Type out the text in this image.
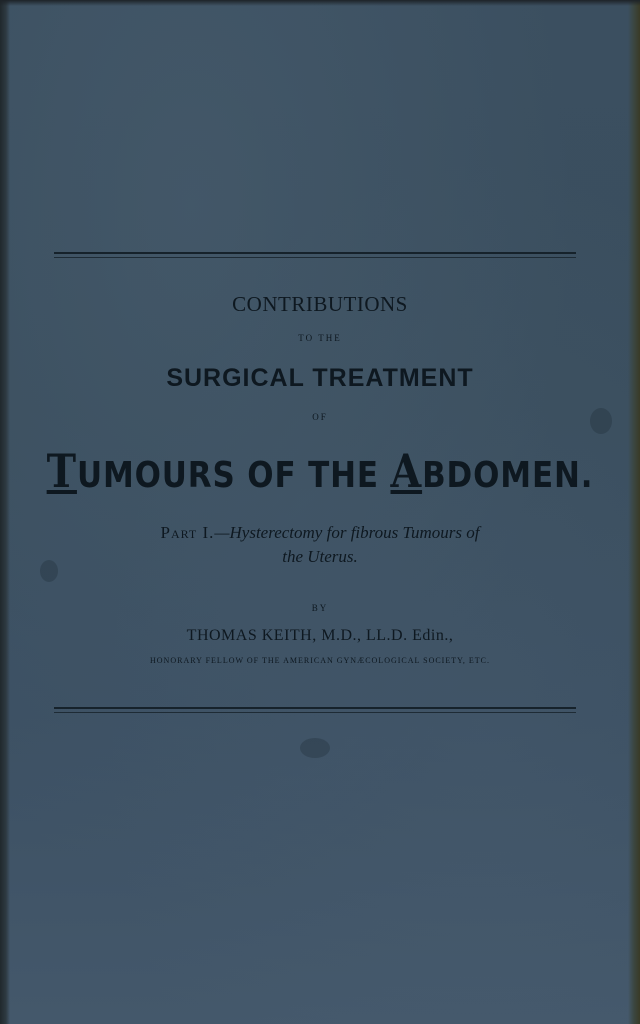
CONTRIBUTIONS
TO THE
SURGICAL TREATMENT
OF
TUMOURS OF THE ABDOMEN.
Part I.—Hysterectomy for fibrous Tumours of
the Uterus.
BY
THOMAS KEITH, M.D., LL.D. Edin.,
HONORARY FELLOW OF THE AMERICAN GYNÆCOLOGICAL SOCIETY, ETC.
